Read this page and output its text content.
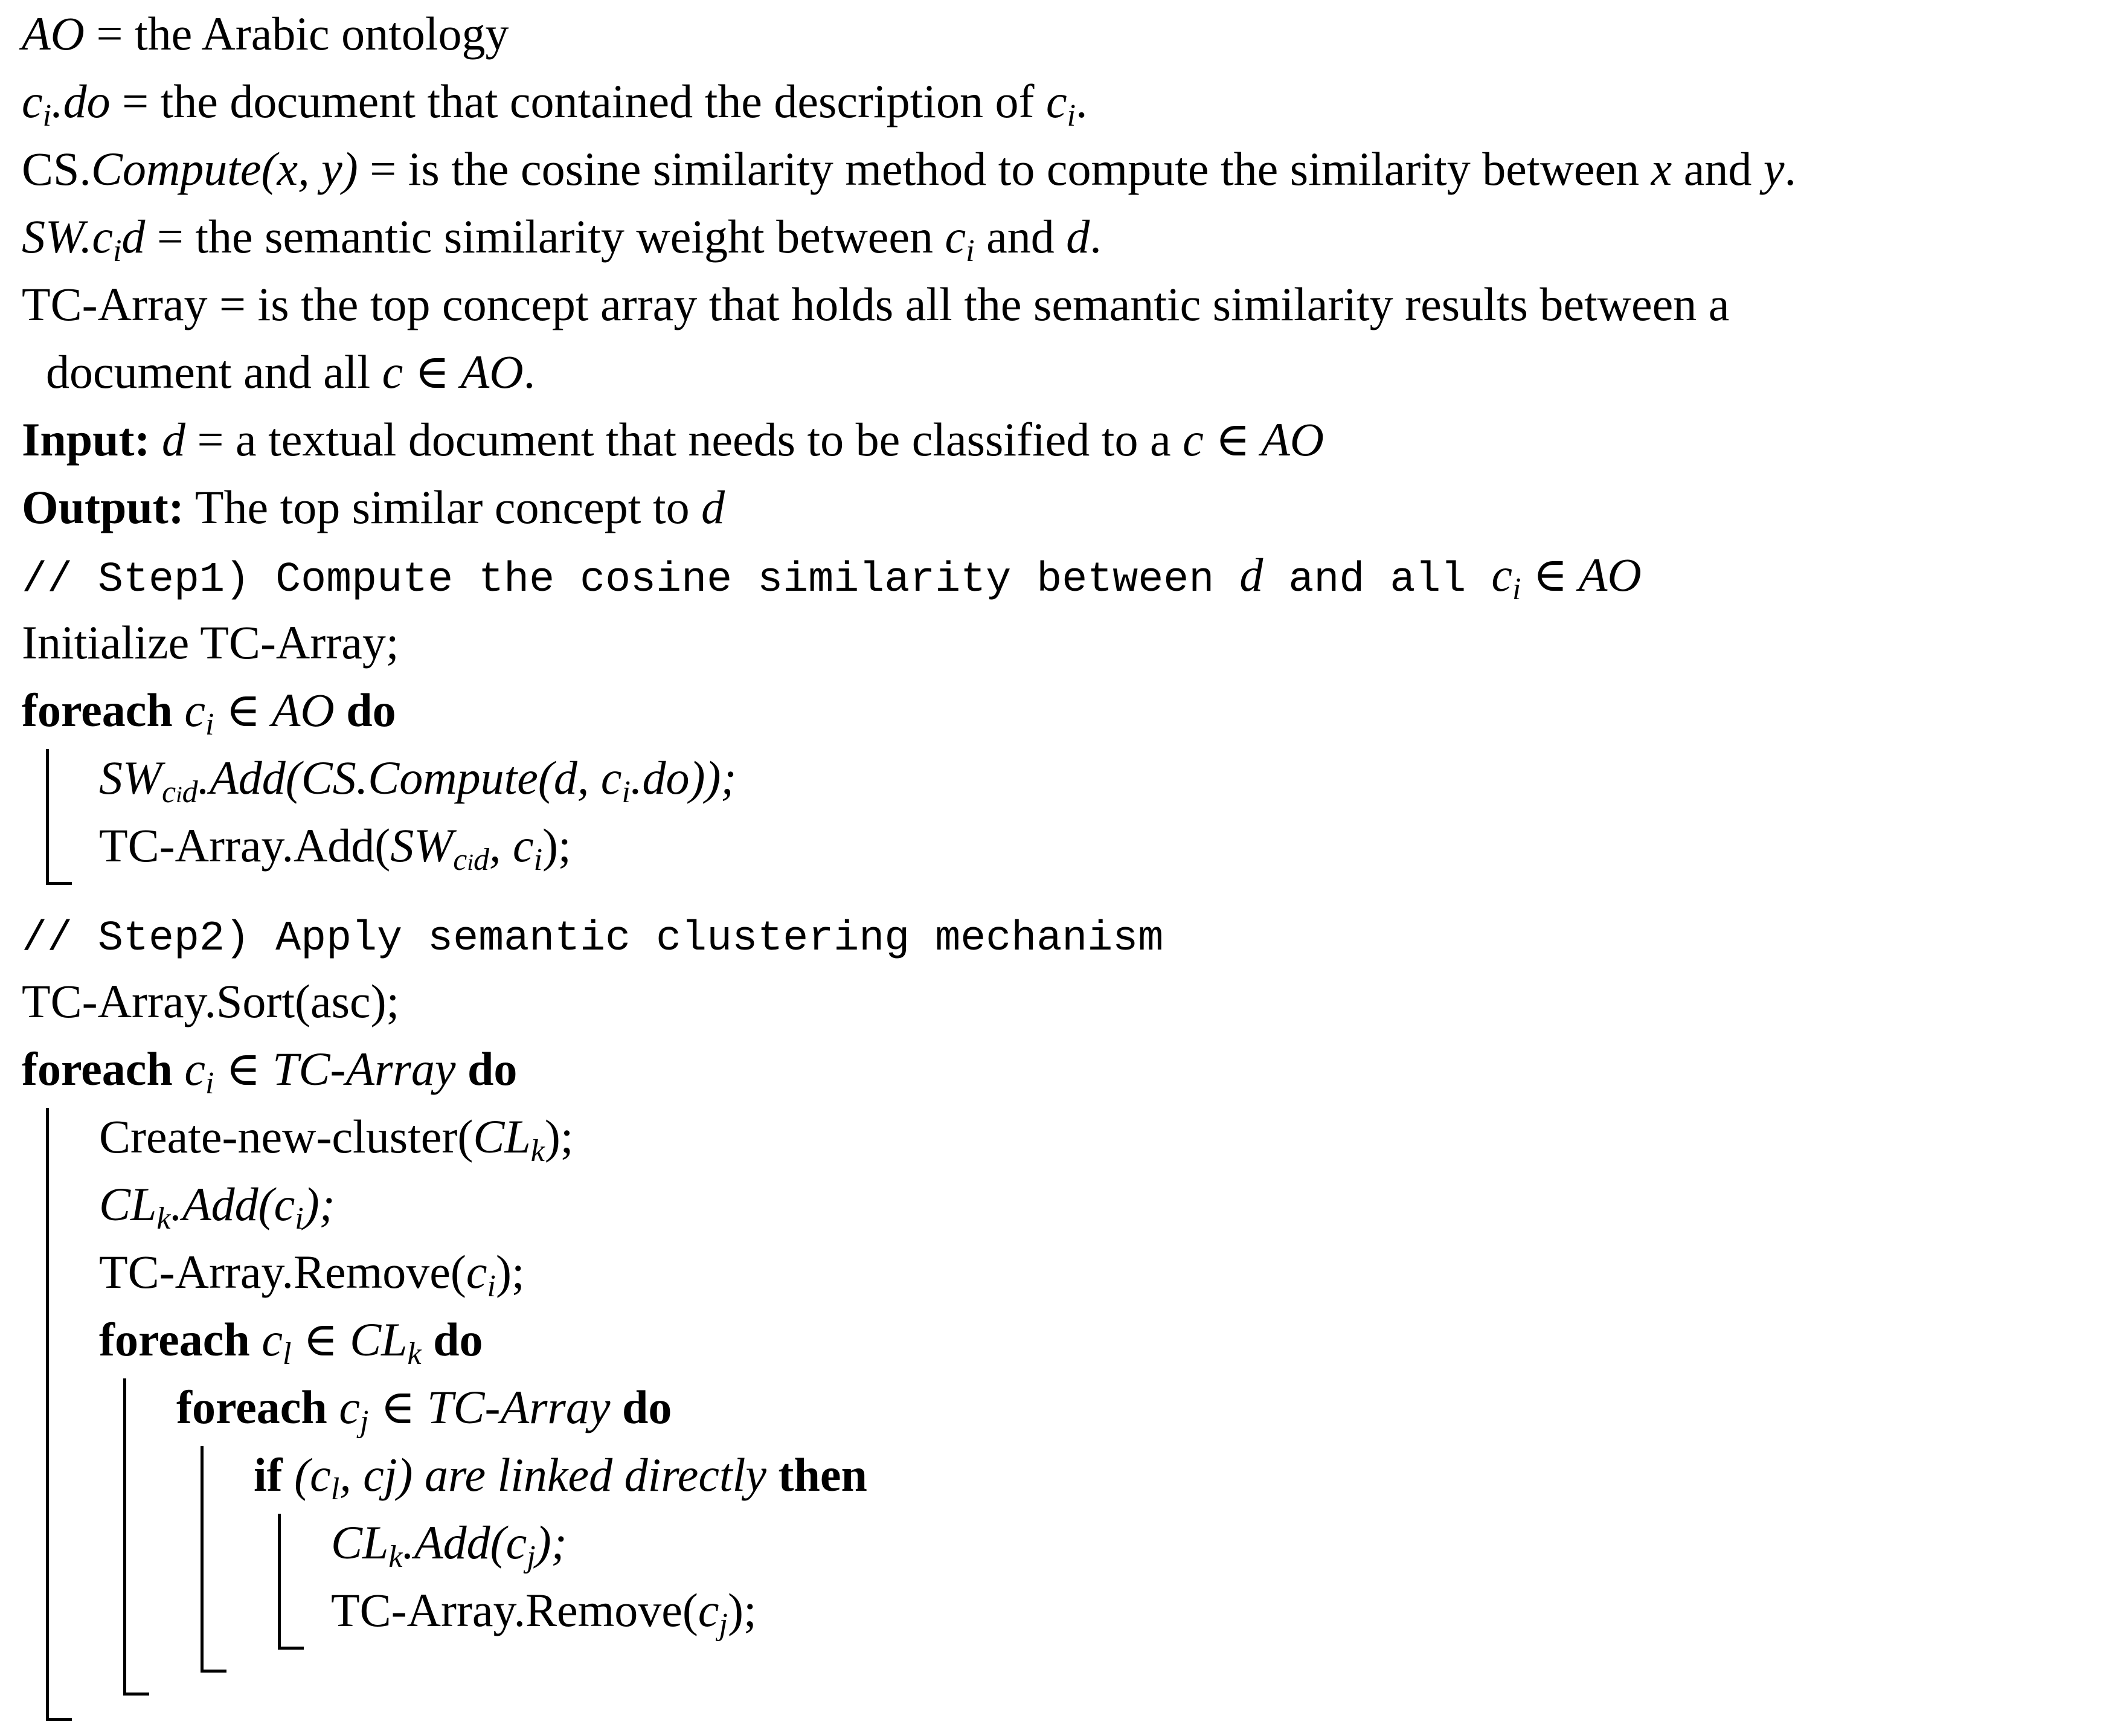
AO = the Arabic ontology
$c_i.do$ = the document that contained the description of $c_i$.
CS.Compute(x, y) = is the cosine similarity method to compute the similarity between x and y.
$SW.c_id$ = the semantic similarity weight between $c_i$ and d.
TC-Array = is the top concept array that holds all the semantic similarity results between a
document and all c ∈ AO.
Input: d = a textual document that needs to be classified to a c ∈ AO
Output: The top similar concept to d
// Step1) Compute the cosine similarity between d and all $c_i$ ∈ AO
Initialize TC-Array;
foreach $c_i$ ∈ AO do
$SW_{cid}.Add(CS.Compute(d$, $c_i.do$));
$TC-Array.Add(SW_{cid}$, $c_i$);
// Step2) Apply semantic clustering mechanism
TC-Array.Sort(asc);
foreach $c_i$ ∈ TC-Array do
Create-$new-cluster(CL_k)$;
$CL_k.Add(c_i)$;
$TC-Array.Remove(c_i)$;
foreach $c_l$ ∈ $CL_k$ do
foreach $c_j$ ∈ TC-Array do
if ($c_l$, cj) are linked directly then
$CL_k.Add(c_j)$;
$TC-Array.Remove(c_j)$;
